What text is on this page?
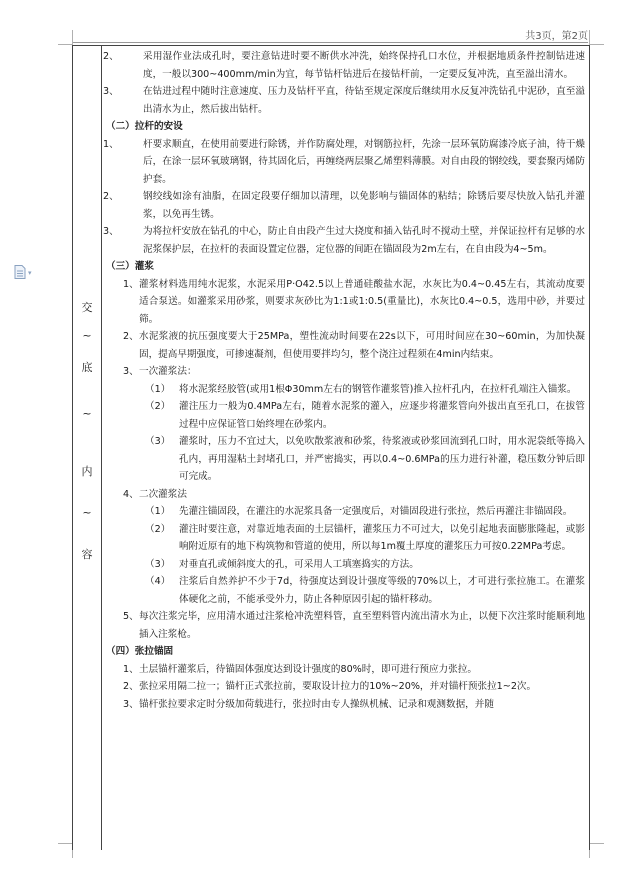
共3页，第2页
▾
交
~
底
~
内
~
容
2、	采用湿作业法成孔时，要注意钻进时要不断供水冲洗，始终保持孔口水位，并根据地质条件控制钻进速度，一般以300~400mm/min为宜，每节钻杆钻进后在接钻杆前，一定要反复冲洗，直至溢出清水。
3、	在钻进过程中随时注意速度、压力及钻杆平直，待钻至规定深度后继续用水反复冲洗钻孔中泥砂，直至溢出清水为止，然后拔出钻杆。
（二）拉杆的安设
1、	杆要求顺直，在使用前要进行除锈，并作防腐处理，对钢筋拉杆，先涂一层环氧防腐漆冷底子油，待干燥后，在涂一层环氧玻璃钢，待其固化后，再缠绕两层聚乙烯塑料薄膜。对自由段的钢绞线，要套聚丙烯防护套。
2、	钢绞线如涂有油脂，在固定段要仔细加以清理，以免影响与锚固体的粘结；除锈后要尽快放入钻孔并灌浆，以免再生锈。
3、	为将拉杆安放在钻孔的中心，防止自由段产生过大挠度和插入钻孔时不搅动土壁，并保证拉杆有足够的水泥浆保护层，在拉杆的表面设置定位器，定位器的间距在锚固段为2m左右，在自由段为4~5m。
（三）灌浆
1、 灌浆材料选用纯水泥浆，水泥采用P·O42.5以上普通硅酸盐水泥，水灰比为0.4~0.45左右，其流动度要适合泵送。如灌浆采用砂浆，则要求灰砂比为1:1或1:0.5(重量比)，水灰比0.4~0.5，选用中砂，并要过筛。
2、 水泥浆液的抗压强度要大于25MPa，塑性流动时间要在22s以下，可用时间应在30~60min，为加快凝固，提高早期强度，可掺速凝剂，但使用要拌均匀，整个浇注过程须在4min内结束。
3、 一次灌浆法：
（1） 将水泥浆经胶管(或用1根Φ30mm左右的钢管作灌浆管)推入拉杆孔内，在拉杆孔端注入锚浆。
（2） 灌注压力一般为0.4MPa左右，随着水泥浆的灌入，应逐步将灌浆管向外拔出直至孔口，在拔管过程中应保证管口始终埋在砂浆内。
（3） 灌浆时，压力不宜过大，以免吹散浆液和砂浆，待浆液或砂浆回流到孔口时，用水泥袋纸等捣入孔内，再用湿粘土封堵孔口，并严密捣实，再以0.4~0.6MPa的压力进行补灌，稳压数分钟后即可完成。
4、 二次灌浆法
（1） 先灌注锚固段，在灌注的水泥浆具备一定强度后，对锚固段进行张拉，然后再灌注非锚固段。
（2） 灌注时要注意，对靠近地表面的土层锚杆，灌浆压力不可过大，以免引起地表面膨胀隆起，或影响附近原有的地下构筑物和管道的使用，所以每1m覆土厚度的灌浆压力可按0.22MPa考虑。
（3） 对垂直孔或倾斜度大的孔，可采用人工填塞捣实的方法。
（4） 注浆后自然养护不少于7d，待强度达到设计强度等级的70%以上，才可进行张拉施工。在灌浆体硬化之前，不能承受外力，防止各种原因引起的锚杆移动。
5、 每次注浆完毕，应用清水通过注浆枪冲洗塑料管，直至塑料管内流出清水为止，以便下次注浆时能顺利地插入注浆枪。
（四）张拉锚固
1、 土层锚杆灌浆后，待锚固体强度达到设计强度的80%时，即可进行预应力张拉。
2、 张拉采用隔二拉一；锚杆正式张拉前，要取设计拉力的10%~20%，并对锚杆预张拉1~2次。
3、 锚杆张拉要求定时分级加荷载进行，张拉时由专人操纵机械、记录和观测数据，并随
